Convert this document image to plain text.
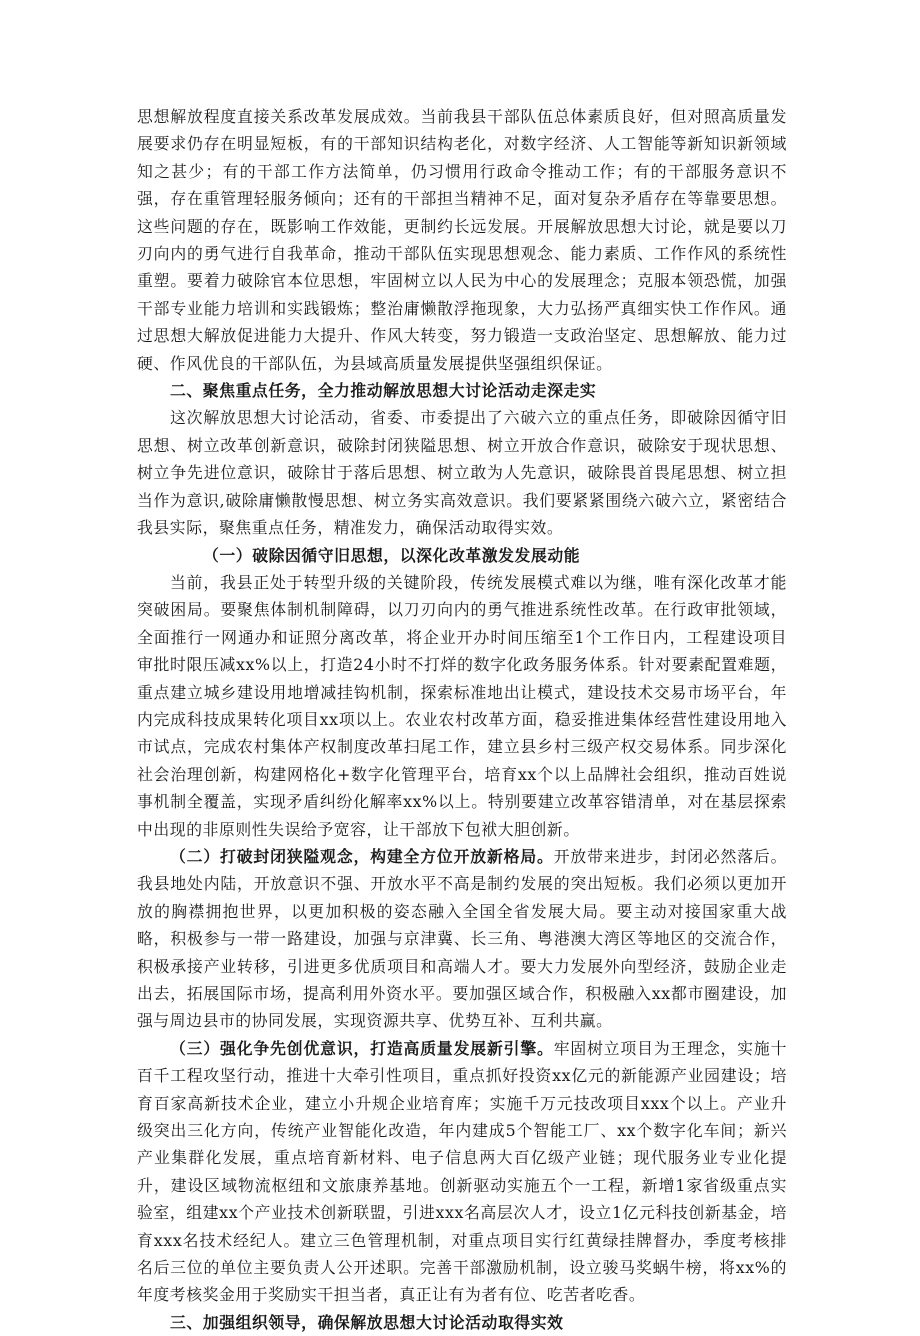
思想解放程度直接关系改革发展成效。当前我县干部队伍总体素质良好，但对照高质量发展要求仍存在明显短板，有的干部知识结构老化，对数字经济、人工智能等新知识新领域知之甚少；有的干部工作方法简单，仍习惯用行政命令推动工作；有的干部服务意识不强，存在重管理轻服务倾向；还有的干部担当精神不足，面对复杂矛盾存在等靠要思想。这些问题的存在，既影响工作效能，更制约长远发展。开展解放思想大讨论，就是要以刀刃向内的勇气进行自我革命，推动干部队伍实现思想观念、能力素质、工作作风的系统性重塑。要着力破除官本位思想，牢固树立以人民为中心的发展理念；克服本领恐慌，加强干部专业能力培训和实践锻炼；整治庸懒散浮拖现象，大力弘扬严真细实快工作作风。通过思想大解放促进能力大提升、作风大转变，努力锻造一支政治坚定、思想解放、能力过硬、作风优良的干部队伍，为县域高质量发展提供坚强组织保证。

二、聚焦重点任务，全力推动解放思想大讨论活动走深走实

这次解放思想大讨论活动，省委、市委提出了六破六立的重点任务，即破除因循守旧思想、树立改革创新意识，破除封闭狭隘思想、树立开放合作意识，破除安于现状思想、树立争先进位意识，破除甘于落后思想、树立敢为人先意识，破除畏首畏尾思想、树立担当作为意识,破除庸懒散慢思想、树立务实高效意识。我们要紧紧围绕六破六立，紧密结合我县实际，聚焦重点任务，精准发力，确保活动取得实效。

（一）破除因循守旧思想，以深化改革激发发展动能

当前，我县正处于转型升级的关键阶段，传统发展模式难以为继，唯有深化改革才能突破困局。要聚焦体制机制障碍，以刀刃向内的勇气推进系统性改革。在行政审批领域，全面推行一网通办和证照分离改革，将企业开办时间压缩至1个工作日内，工程建设项目审批时限压减xx%以上，打造24小时不打烊的数字化政务服务体系。针对要素配置难题，重点建立城乡建设用地增减挂钩机制，探索标准地出让模式，建设技术交易市场平台，年内完成科技成果转化项目xx项以上。农业农村改革方面，稳妥推进集体经营性建设用地入市试点，完成农村集体产权制度改革扫尾工作，建立县乡村三级产权交易体系。同步深化社会治理创新，构建网格化+数字化管理平台，培育xx个以上品牌社会组织，推动百姓说事机制全覆盖，实现矛盾纠纷化解率xx%以上。特别要建立改革容错清单，对在基层探索中出现的非原则性失误给予宽容，让干部放下包袱大胆创新。

（二）打破封闭狭隘观念，构建全方位开放新格局。开放带来进步，封闭必然落后。我县地处内陆，开放意识不强、开放水平不高是制约发展的突出短板。我们必须以更加开放的胸襟拥抱世界，以更加积极的姿态融入全国全省发展大局。要主动对接国家重大战略，积极参与一带一路建设，加强与京津冀、长三角、粤港澳大湾区等地区的交流合作，积极承接产业转移，引进更多优质项目和高端人才。要大力发展外向型经济，鼓励企业走出去，拓展国际市场，提高利用外资水平。要加强区域合作，积极融入xx都市圈建设，加强与周边县市的协同发展，实现资源共享、优势互补、互利共赢。

（三）强化争先创优意识，打造高质量发展新引擎。牢固树立项目为王理念，实施十百千工程攻坚行动，推进十大牵引性项目，重点抓好投资xx亿元的新能源产业园建设；培育百家高新技术企业，建立小升规企业培育库；实施千万元技改项目xxx个以上。产业升级突出三化方向，传统产业智能化改造，年内建成5个智能工厂、xx个数字化车间；新兴产业集群化发展，重点培育新材料、电子信息两大百亿级产业链；现代服务业专业化提升，建设区域物流枢纽和文旅康养基地。创新驱动实施五个一工程，新增1家省级重点实验室，组建xx个产业技术创新联盟，引进xxx名高层次人才，设立1亿元科技创新基金，培育xxx名技术经纪人。建立三色管理机制，对重点项目实行红黄绿挂牌督办，季度考核排名后三位的单位主要负责人公开述职。完善干部激励机制，设立骏马奖蜗牛榜，将xx%的年度考核奖金用于奖励实干担当者，真正让有为者有位、吃苦者吃香。

三、加强组织领导，确保解放思想大讨论活动取得实效
